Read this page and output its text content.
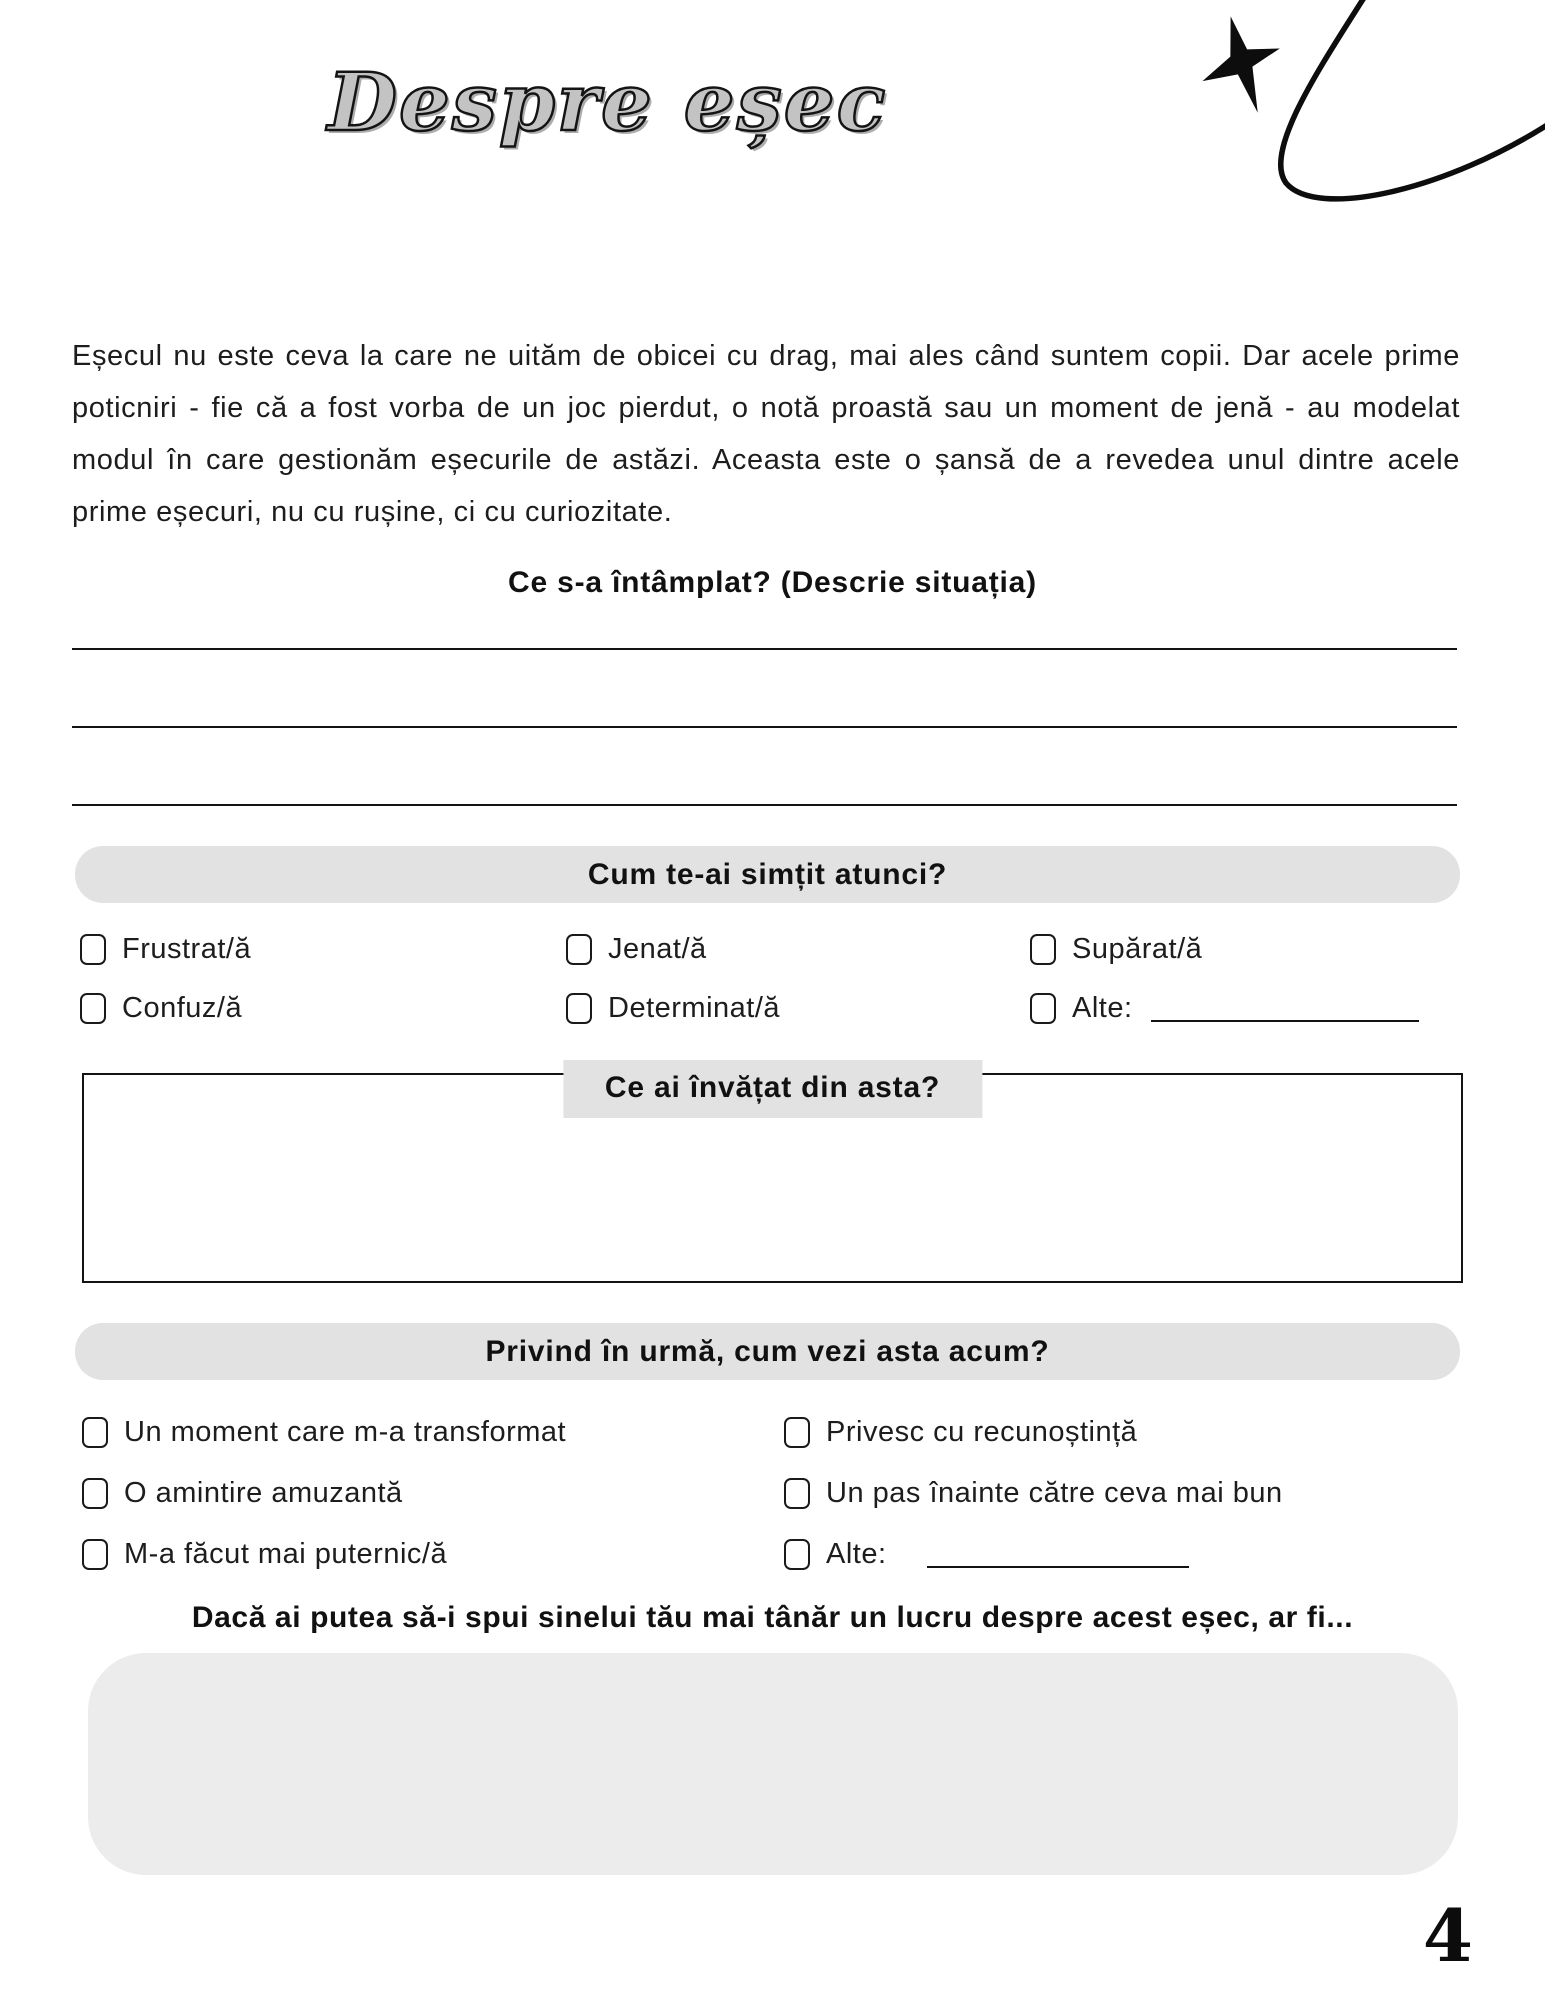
Despre eșec

Eșecul nu este ceva la care ne uităm de obicei cu drag, mai ales când suntem copii. Dar acele prime poticniri - fie că a fost vorba de un joc pierdut, o notă proastă sau un moment de jenă - au modelat modul în care gestionăm eșecurile de astăzi. Aceasta este o șansă de a revedea unul dintre acele prime eșecuri, nu cu rușine, ci cu curiozitate.

Ce s-a întâmplat? (Descrie situația)
Cum te-ai simțit atunci?
Frustrat/ă	Jenat/ă	Supărat/ă
Confuz/ă	Determinat/ă	Alte:
Ce ai învățat din asta?
Privind în urmă, cum vezi asta acum?
Un moment care m-a transformat	Privesc cu recunoștință
O amintire amuzantă	Un pas înainte către ceva mai bun
M-a făcut mai puternic/ă	Alte:
Dacă ai putea să-i spui sinelui tău mai tânăr un lucru despre acest eșec, ar fi...
4
